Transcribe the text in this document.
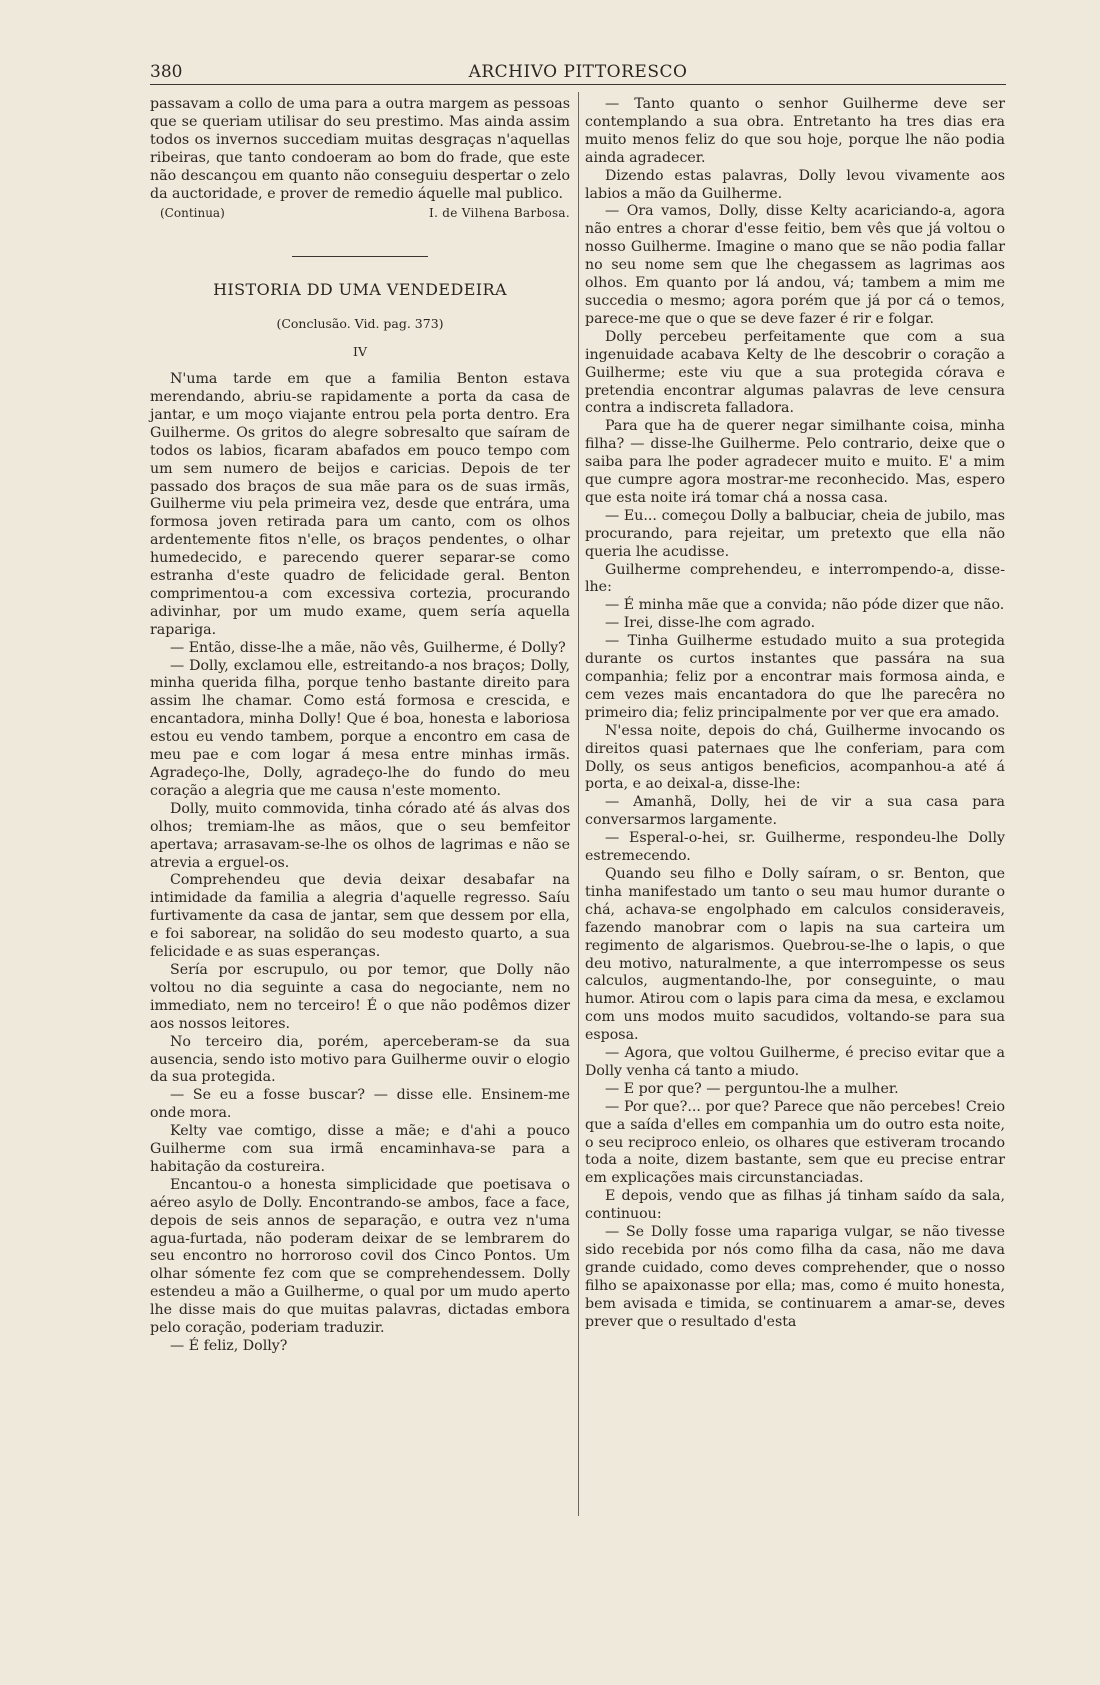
380	ARCHIVO PITTORESCO

passavam a collo de uma para a outra margem as pessoas que se queriam utilisar do seu prestimo. Mas ainda assim todos os invernos succediam muitas desgraças n'aquellas ribeiras, que tanto condoeram ao bom do frade, que este não descançou em quanto não conseguiu despertar o zelo da auctoridade, e prover de remedio áquelle mal publico.

(Continua)	I. de Vilhena Barbosa.
HISTORIA DD UMA VENDEDEIRA
(Conclusão. Vid. pag. 373)
IV

N'uma tarde em que a familia Benton estava merendando, abriu-se rapidamente a porta da casa de jantar, e um moço viajante entrou pela porta dentro. Era Guilherme. Os gritos do alegre sobresalto que saíram de todos os labios, ficaram abafados em pouco tempo com um sem numero de beijos e caricias. Depois de ter passado dos braços de sua mãe para os de suas irmãs, Guilherme viu pela primeira vez, desde que entrára, uma formosa joven retirada para um canto, com os olhos ardentemente fitos n'elle, os braços pendentes, o olhar humedecido, e parecendo querer separar-se como estranha d'este quadro de felicidade geral. Benton comprimentou-a com excessiva cortezia, procurando adivinhar, por um mudo exame, quem sería aquella rapariga.

— Então, disse-lhe a mãe, não vês, Guilherme, é Dolly?

— Dolly, exclamou elle, estreitando-a nos braços; Dolly, minha querida filha, porque tenho bastante direito para assim lhe chamar. Como está formosa e crescida, e encantadora, minha Dolly! Que é boa, honesta e laboriosa estou eu vendo tambem, porque a encontro em casa de meu pae e com logar á mesa entre minhas irmãs. Agradeço-lhe, Dolly, agradeço-lhe do fundo do meu coração a alegria que me causa n'este momento.

Dolly, muito commovida, tinha córado até ás alvas dos olhos; tremiam-lhe as mãos, que o seu bemfeitor apertava; arrasavam-se-lhe os olhos de lagrimas e não se atrevia a erguel-os.

Comprehendeu que devia deixar desabafar na intimidade da familia a alegria d'aquelle regresso. Saíu furtivamente da casa de jantar, sem que dessem por ella, e foi saborear, na solidão do seu modesto quarto, a sua felicidade e as suas esperanças.

Sería por escrupulo, ou por temor, que Dolly não voltou no dia seguinte a casa do negociante, nem no immediato, nem no terceiro! É o que não podêmos dizer aos nossos leitores.

No terceiro dia, porém, aperceberam-se da sua ausencia, sendo isto motivo para Guilherme ouvir o elogio da sua protegida.

— Se eu a fosse buscar? — disse elle. Ensinem-me onde mora.

Kelty vae comtigo, disse a mãe; e d'ahi a pouco Guilherme com sua irmã encaminhava-se para a habitação da costureira.

Encantou-o a honesta simplicidade que poetisava o aéreo asylo de Dolly. Encontrando-se ambos, face a face, depois de seis annos de separação, e outra vez n'uma agua-furtada, não poderam deixar de se lembrarem do seu encontro no horroroso covil dos Cinco Pontos. Um olhar sómente fez com que se comprehendessem. Dolly estendeu a mão a Guilherme, o qual por um mudo aperto lhe disse mais do que muitas palavras, dictadas embora pelo coração, poderiam traduzir.

— É feliz, Dolly?

— Tanto quanto o senhor Guilherme deve ser contemplando a sua obra. Entretanto ha tres dias era muito menos feliz do que sou hoje, porque lhe não podia ainda agradecer.

Dizendo estas palavras, Dolly levou vivamente aos labios a mão da Guilherme.

— Ora vamos, Dolly, disse Kelty acariciando-a, agora não entres a chorar d'esse feitio, bem vês que já voltou o nosso Guilherme. Imagine o mano que se não podia fallar no seu nome sem que lhe chegassem as lagrimas aos olhos. Em quanto por lá andou, vá; tambem a mim me succedia o mesmo; agora porém que já por cá o temos, parece-me que o que se deve fazer é rir e folgar.

Dolly percebeu perfeitamente que com a sua ingenuidade acabava Kelty de lhe descobrir o coração a Guilherme; este viu que a sua protegida córava e pretendia encontrar algumas palavras de leve censura contra a indiscreta falladora.

Para que ha de querer negar similhante coisa, minha filha? — disse-lhe Guilherme. Pelo contrario, deixe que o saiba para lhe poder agradecer muito e muito. E' a mim que cumpre agora mostrar-me reconhecido. Mas, espero que esta noite irá tomar chá a nossa casa.

— Eu... começou Dolly a balbuciar, cheia de jubilo, mas procurando, para rejeitar, um pretexto que ella não queria lhe acudisse.

Guilherme comprehendeu, e interrompendo-a, disse-lhe:

— É minha mãe que a convida; não póde dizer que não.

— Irei, disse-lhe com agrado.

— Tinha Guilherme estudado muito a sua protegida durante os curtos instantes que passára na sua companhia; feliz por a encontrar mais formosa ainda, e cem vezes mais encantadora do que lhe parecêra no primeiro dia; feliz principalmente por ver que era amado.

N'essa noite, depois do chá, Guilherme invocando os direitos quasi paternaes que lhe conferiam, para com Dolly, os seus antigos beneficios, acompanhou-a até á porta, e ao deixal-a, disse-lhe:

— Amanhã, Dolly, hei de vir a sua casa para conversarmos largamente.

— Esperal-o-hei, sr. Guilherme, respondeu-lhe Dolly estremecendo.

Quando seu filho e Dolly saíram, o sr. Benton, que tinha manifestado um tanto o seu mau humor durante o chá, achava-se engolphado em calculos consideraveis, fazendo manobrar com o lapis na sua carteira um regimento de algarismos. Quebrou-se-lhe o lapis, o que deu motivo, naturalmente, a que interrompesse os seus calculos, augmentando-lhe, por conseguinte, o mau humor. Atirou com o lapis para cima da mesa, e exclamou com uns modos muito sacudidos, voltando-se para sua esposa.

— Agora, que voltou Guilherme, é preciso evitar que a Dolly venha cá tanto a miudo.

— E por que? — perguntou-lhe a mulher.

— Por que?... por que? Parece que não percebes! Creio que a saída d'elles em companhia um do outro esta noite, o seu reciproco enleio, os olhares que estiveram trocando toda a noite, dizem bastante, sem que eu precise entrar em explicações mais circunstanciadas.

E depois, vendo que as filhas já tinham saído da sala, continuou:

— Se Dolly fosse uma rapariga vulgar, se não tivesse sido recebida por nós como filha da casa, não me dava grande cuidado, como deves comprehender, que o nosso filho se apaixonasse por ella; mas, como é muito honesta, bem avisada e timida, se continuarem a amar-se, deves prever que o resultado d'esta
